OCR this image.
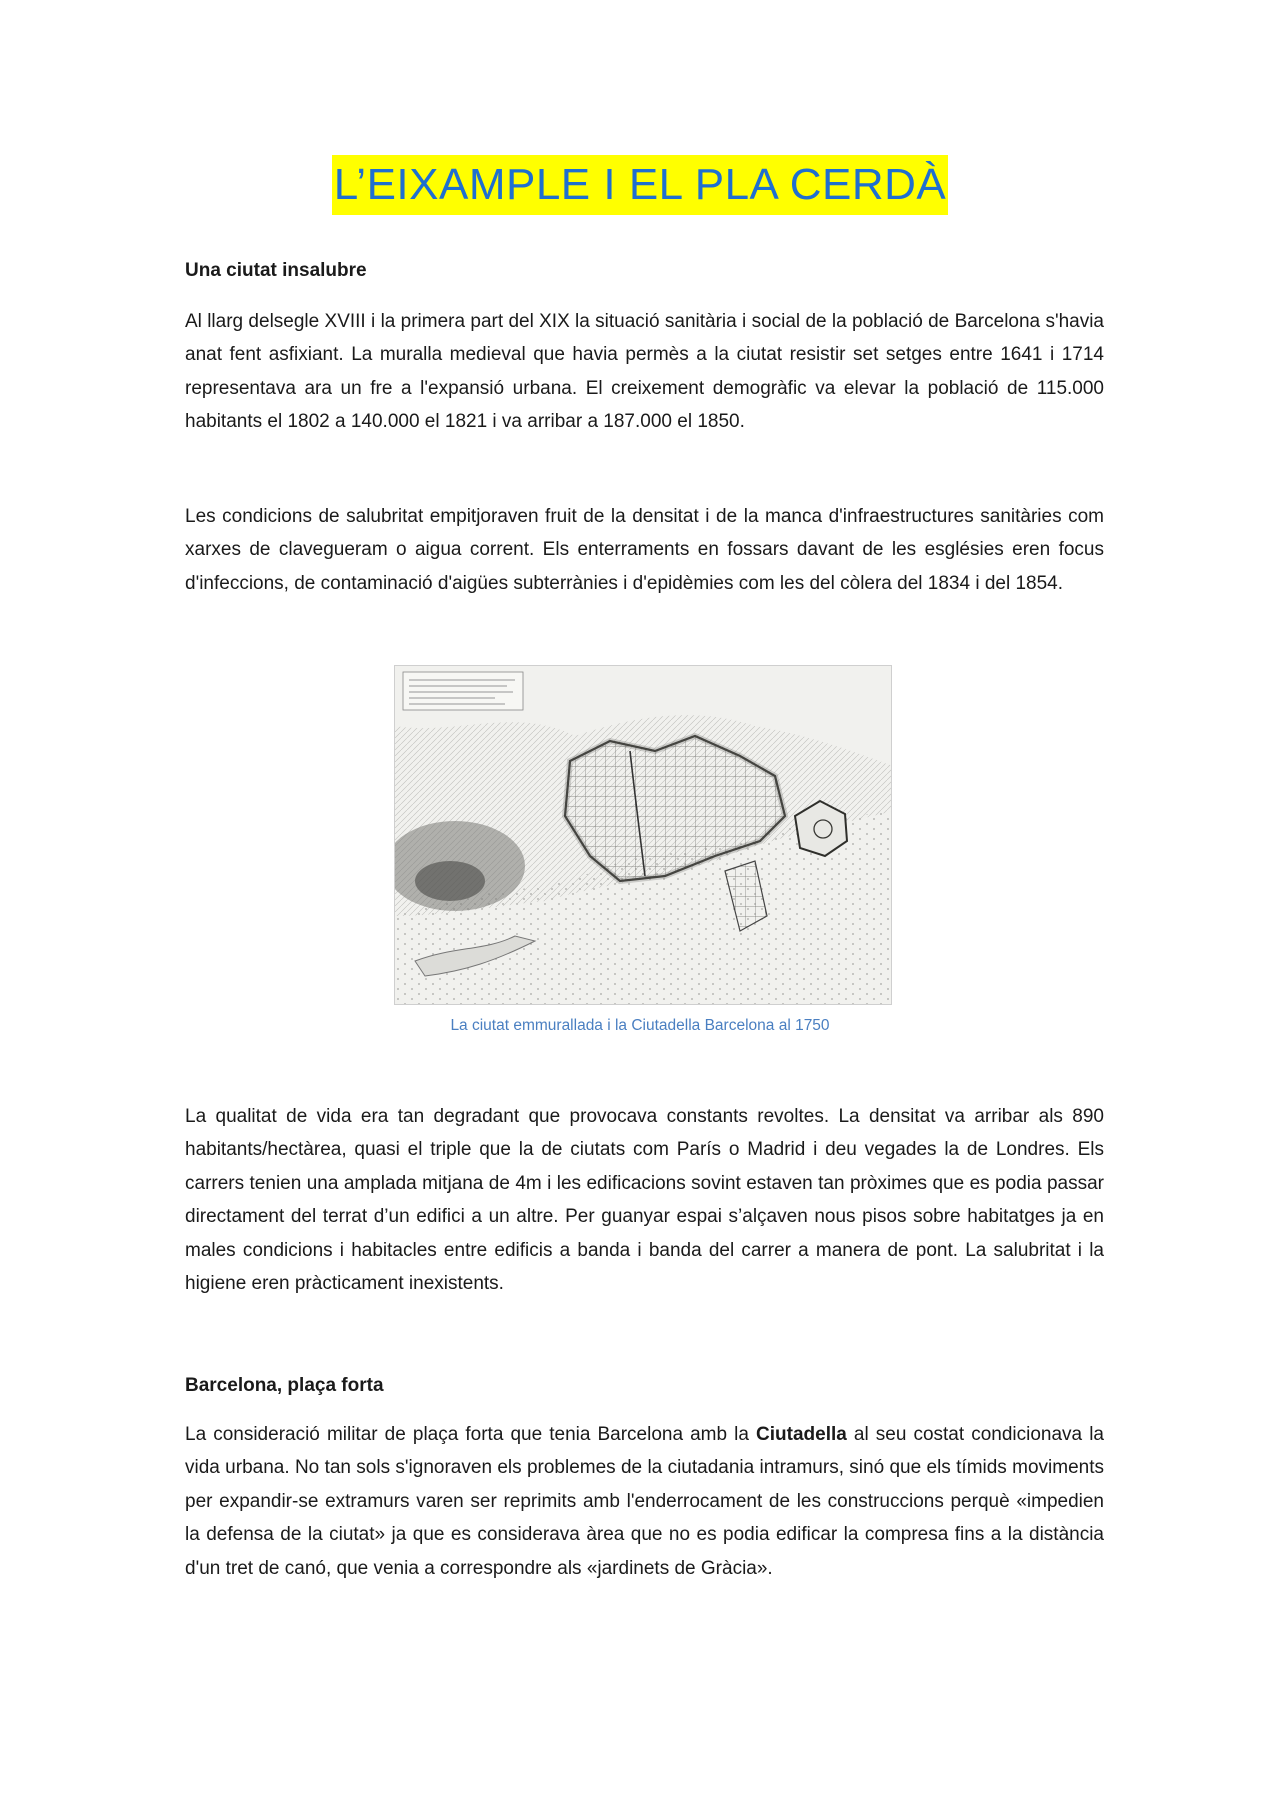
L’EIXAMPLE I EL PLA CERDÀ

Una ciutat insalubre

Al llarg delsegle XVIII i la primera part del XIX la situació sanitària i social de la població de Barcelona s'havia anat fent asfixiant. La muralla medieval que havia permès a la ciutat resistir set setges entre 1641 i 1714 representava ara un fre a l'expansió urbana. El creixement demogràfic va elevar la població de 115.000 habitants el 1802 a 140.000 el 1821 i va arribar a 187.000 el 1850.

Les condicions de salubritat empitjoraven fruit de la densitat i de la manca d'infraestructures sanitàries com xarxes de clavegueram o aigua corrent. Els enterraments en fossars davant de les esglésies eren focus d'infeccions, de contaminació d'aigües subterrànies i d'epidèmies com les del còlera del 1834 i del 1854.

La ciutat emmurallada i la Ciutadella Barcelona al 1750

La qualitat de vida era tan degradant que provocava constants revoltes. La densitat va arribar als 890 habitants/hectàrea, quasi el triple que la de ciutats com París o Madrid i deu vegades la de Londres. Els carrers tenien una amplada mitjana de 4m i les edificacions sovint estaven tan pròximes que es podia passar directament del terrat d’un edifici a un altre. Per guanyar espai s’alçaven nous pisos sobre habitatges ja en males condicions i habitacles entre edificis a banda i banda del carrer a manera de pont. La salubritat i la higiene eren pràcticament inexistents.

Barcelona, plaça forta

La consideració militar de plaça forta que tenia Barcelona amb la Ciutadella al seu costat condicionava la vida urbana. No tan sols s'ignoraven els problemes de la ciutadania intramurs, sinó que els tímids moviments per expandir-se extramurs varen ser reprimits amb l'enderrocament de les construccions perquè «impedien la defensa de la ciutat» ja que es considerava àrea que no es podia edificar la compresa fins a la distància d'un tret de canó, que venia a correspondre als «jardinets de Gràcia».
